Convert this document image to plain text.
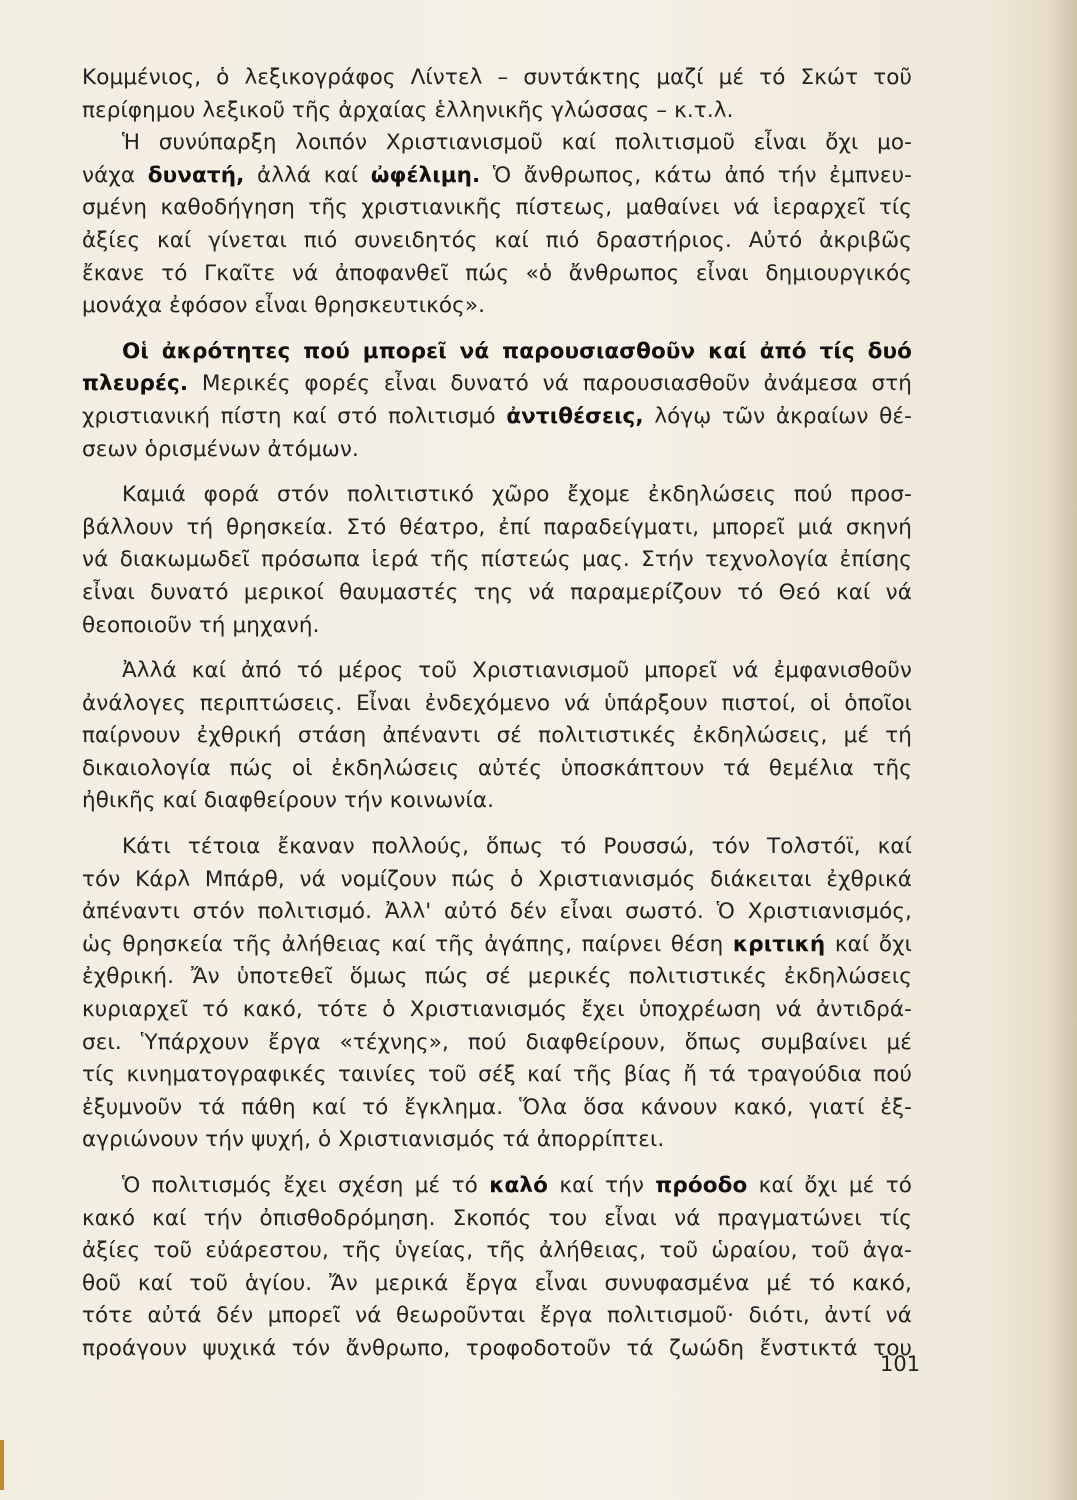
Κομμένιος, ὁ λεξικογράφος Λίντελ – συντάκτης μαζί μέ τό Σκώτ τοῦ
περίφημου λεξικοῦ τῆς ἀρχαίας ἑλληνικῆς γλώσσας – κ.τ.λ.
Ἡ συνύπαρξη λοιπόν Χριστιανισμοῦ καί πολιτισμοῦ εἶναι ὄχι μο-
νάχα δυνατή, ἀλλά καί ὠφέλιμη. Ὁ ἄνθρωπος, κάτω ἀπό τήν ἐμπνευ-
σμένη καθοδήγηση τῆς χριστιανικῆς πίστεως, μαθαίνει νά ἱεραρχεῖ τίς
ἀξίες καί γίνεται πιό συνειδητός καί πιό δραστήριος. Αὐτό ἀκριβῶς
ἔκανε τό Γκαῖτε νά ἀποφανθεῖ πώς «ὁ ἄνθρωπος εἶναι δημιουργικός
μονάχα ἐφόσον εἶναι θρησκευτικός».
Οἱ ἀκρότητες πού μπορεῖ νά παρουσιασθοῦν καί ἀπό τίς δυό
πλευρές. Μερικές φορές εἶναι δυνατό νά παρουσιασθοῦν ἀνάμεσα στή
χριστιανική πίστη καί στό πολιτισμό ἀντιθέσεις, λόγῳ τῶν ἀκραίων θέ-
σεων ὁρισμένων ἀτόμων.
Καμιά φορά στόν πολιτιστικό χῶρο ἔχομε ἐκδηλώσεις πού προσ-
βάλλουν τή θρησκεία. Στό θέατρο, ἐπί παραδείγματι, μπορεῖ μιά σκηνή
νά διακωμωδεῖ πρόσωπα ἱερά τῆς πίστεώς μας. Στήν τεχνολογία ἐπίσης
εἶναι δυνατό μερικοί θαυμαστές της νά παραμερίζουν τό Θεό καί νά
θεοποιοῦν τή μηχανή.
Ἀλλά καί ἀπό τό μέρος τοῦ Χριστιανισμοῦ μπορεῖ νά ἐμφανισθοῦν
ἀνάλογες περιπτώσεις. Εἶναι ἐνδεχόμενο νά ὑπάρξουν πιστοί, οἱ ὁποῖοι
παίρνουν ἐχθρική στάση ἀπέναντι σέ πολιτιστικές ἐκδηλώσεις, μέ τή
δικαιολογία πώς οἱ ἐκδηλώσεις αὐτές ὑποσκάπτουν τά θεμέλια τῆς
ἠθικῆς καί διαφθείρουν τήν κοινωνία.
Κάτι τέτοια ἔκαναν πολλούς, ὅπως τό Ρουσσώ, τόν Τολστόϊ, καί
τόν Κάρλ Μπάρθ, νά νομίζουν πώς ὁ Χριστιανισμός διάκειται ἐχθρικά
ἀπέναντι στόν πολιτισμό. Ἀλλ' αὐτό δέν εἶναι σωστό. Ὁ Χριστιανισμός,
ὡς θρησκεία τῆς ἀλήθειας καί τῆς ἀγάπης, παίρνει θέση κριτική καί ὄχι
ἐχθρική. Ἄν ὑποτεθεῖ ὅμως πώς σέ μερικές πολιτιστικές ἐκδηλώσεις
κυριαρχεῖ τό κακό, τότε ὁ Χριστιανισμός ἔχει ὑποχρέωση νά ἀντιδρά-
σει. Ὑπάρχουν ἔργα «τέχνης», πού διαφθείρουν, ὅπως συμβαίνει μέ
τίς κινηματογραφικές ταινίες τοῦ σέξ καί τῆς βίας ἤ τά τραγούδια πού
ἐξυμνοῦν τά πάθη καί τό ἔγκλημα. Ὅλα ὅσα κάνουν κακό, γιατί ἐξ-
αγριώνουν τήν ψυχή, ὁ Χριστιανισμός τά ἀπορρίπτει.
Ὁ πολιτισμός ἔχει σχέση μέ τό καλό καί τήν πρόοδο καί ὄχι μέ τό
κακό καί τήν ὀπισθοδρόμηση. Σκοπός του εἶναι νά πραγματώνει τίς
ἀξίες τοῦ εὐάρεστου, τῆς ὑγείας, τῆς ἀλήθειας, τοῦ ὡραίου, τοῦ ἀγα-
θοῦ καί τοῦ ἁγίου. Ἄν μερικά ἔργα εἶναι συνυφασμένα μέ τό κακό,
τότε αὐτά δέν μπορεῖ νά θεωροῦνται ἔργα πολιτισμοῦ· διότι, ἀντί νά
προάγουν ψυχικά τόν ἄνθρωπο, τροφοδοτοῦν τά ζωώδη ἔνστικτά του
101
